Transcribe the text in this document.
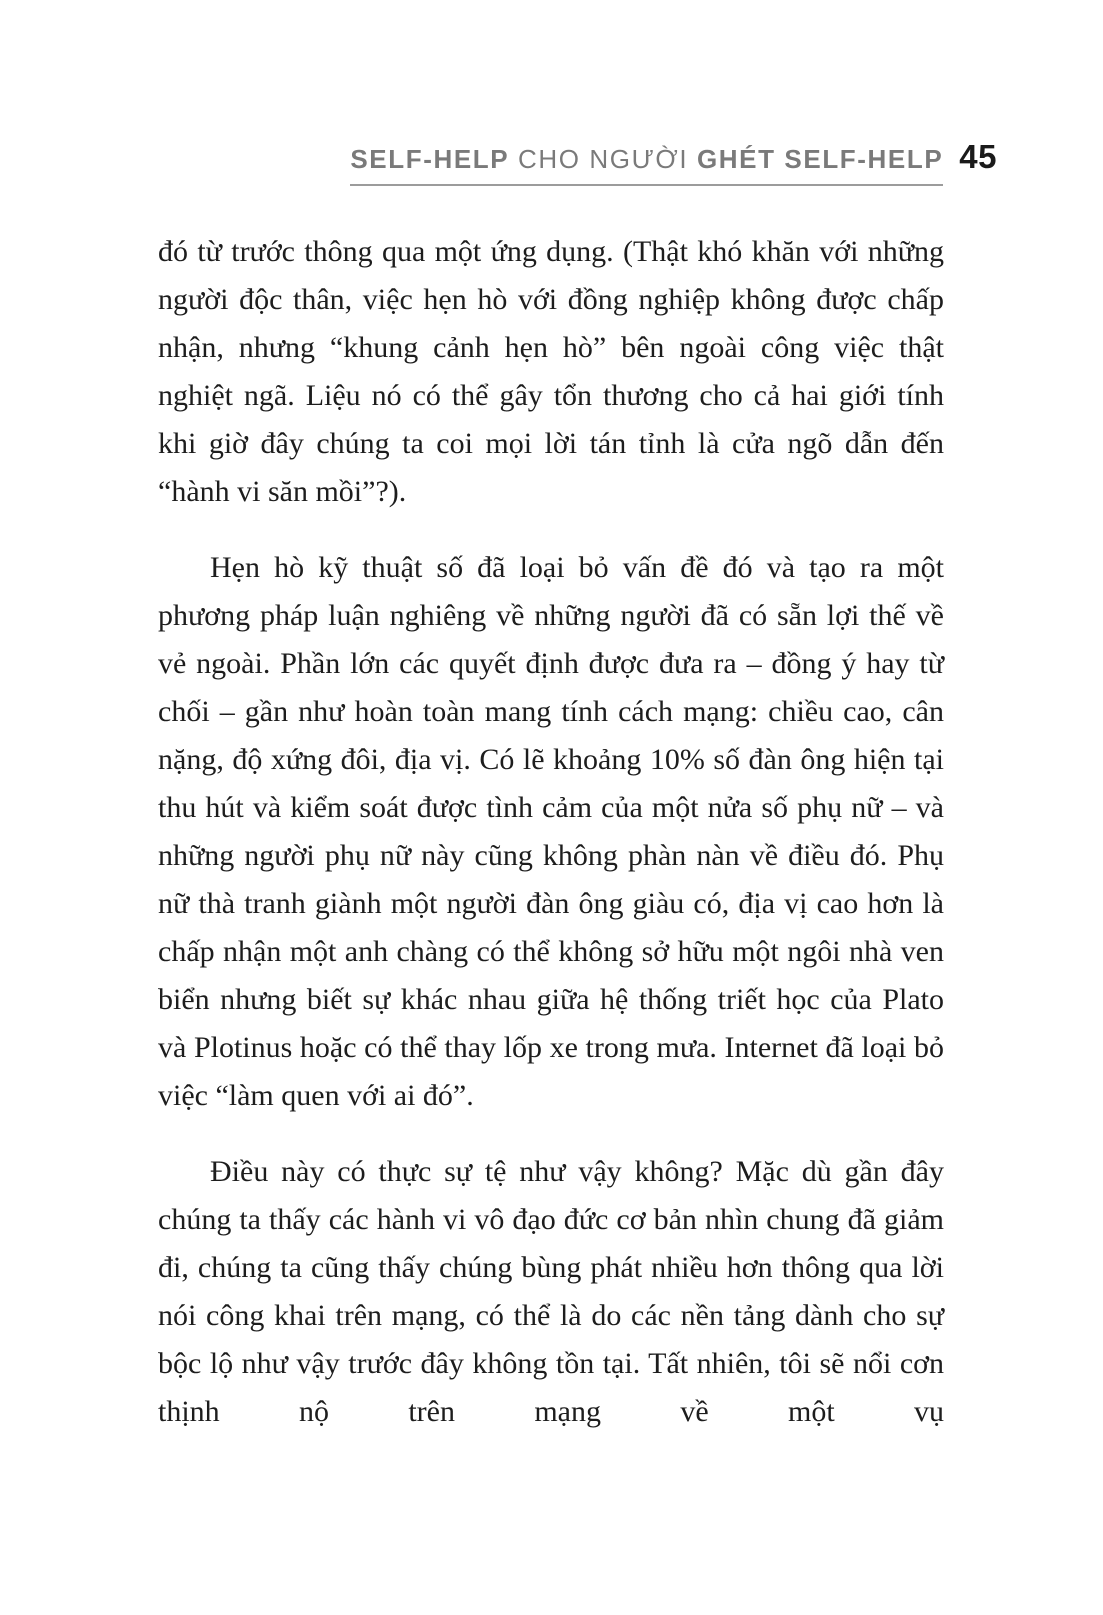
SELF-HELP CHO NGƯỜI GHÉT SELF-HELP 45

đó từ trước thông qua một ứng dụng. (Thật khó khăn với những người độc thân, việc hẹn hò với đồng nghiệp không được chấp nhận, nhưng “khung cảnh hẹn hò” bên ngoài công việc thật nghiệt ngã. Liệu nó có thể gây tổn thương cho cả hai giới tính khi giờ đây chúng ta coi mọi lời tán tỉnh là cửa ngõ dẫn đến “hành vi săn mồi”?).

Hẹn hò kỹ thuật số đã loại bỏ vấn đề đó và tạo ra một phương pháp luận nghiêng về những người đã có sẵn lợi thế về vẻ ngoài. Phần lớn các quyết định được đưa ra – đồng ý hay từ chối – gần như hoàn toàn mang tính cách mạng: chiều cao, cân nặng, độ xứng đôi, địa vị. Có lẽ khoảng 10% số đàn ông hiện tại thu hút và kiểm soát được tình cảm của một nửa số phụ nữ – và những người phụ nữ này cũng không phàn nàn về điều đó. Phụ nữ thà tranh giành một người đàn ông giàu có, địa vị cao hơn là chấp nhận một anh chàng có thể không sở hữu một ngôi nhà ven biển nhưng biết sự khác nhau giữa hệ thống triết học của Plato và Plotinus hoặc có thể thay lốp xe trong mưa. Internet đã loại bỏ việc “làm quen với ai đó”.

Điều này có thực sự tệ như vậy không? Mặc dù gần đây chúng ta thấy các hành vi vô đạo đức cơ bản nhìn chung đã giảm đi, chúng ta cũng thấy chúng bùng phát nhiều hơn thông qua lời nói công khai trên mạng, có thể là do các nền tảng dành cho sự bộc lộ như vậy trước đây không tồn tại. Tất nhiên, tôi sẽ nổi cơn thịnh nộ trên mạng về một vụ
